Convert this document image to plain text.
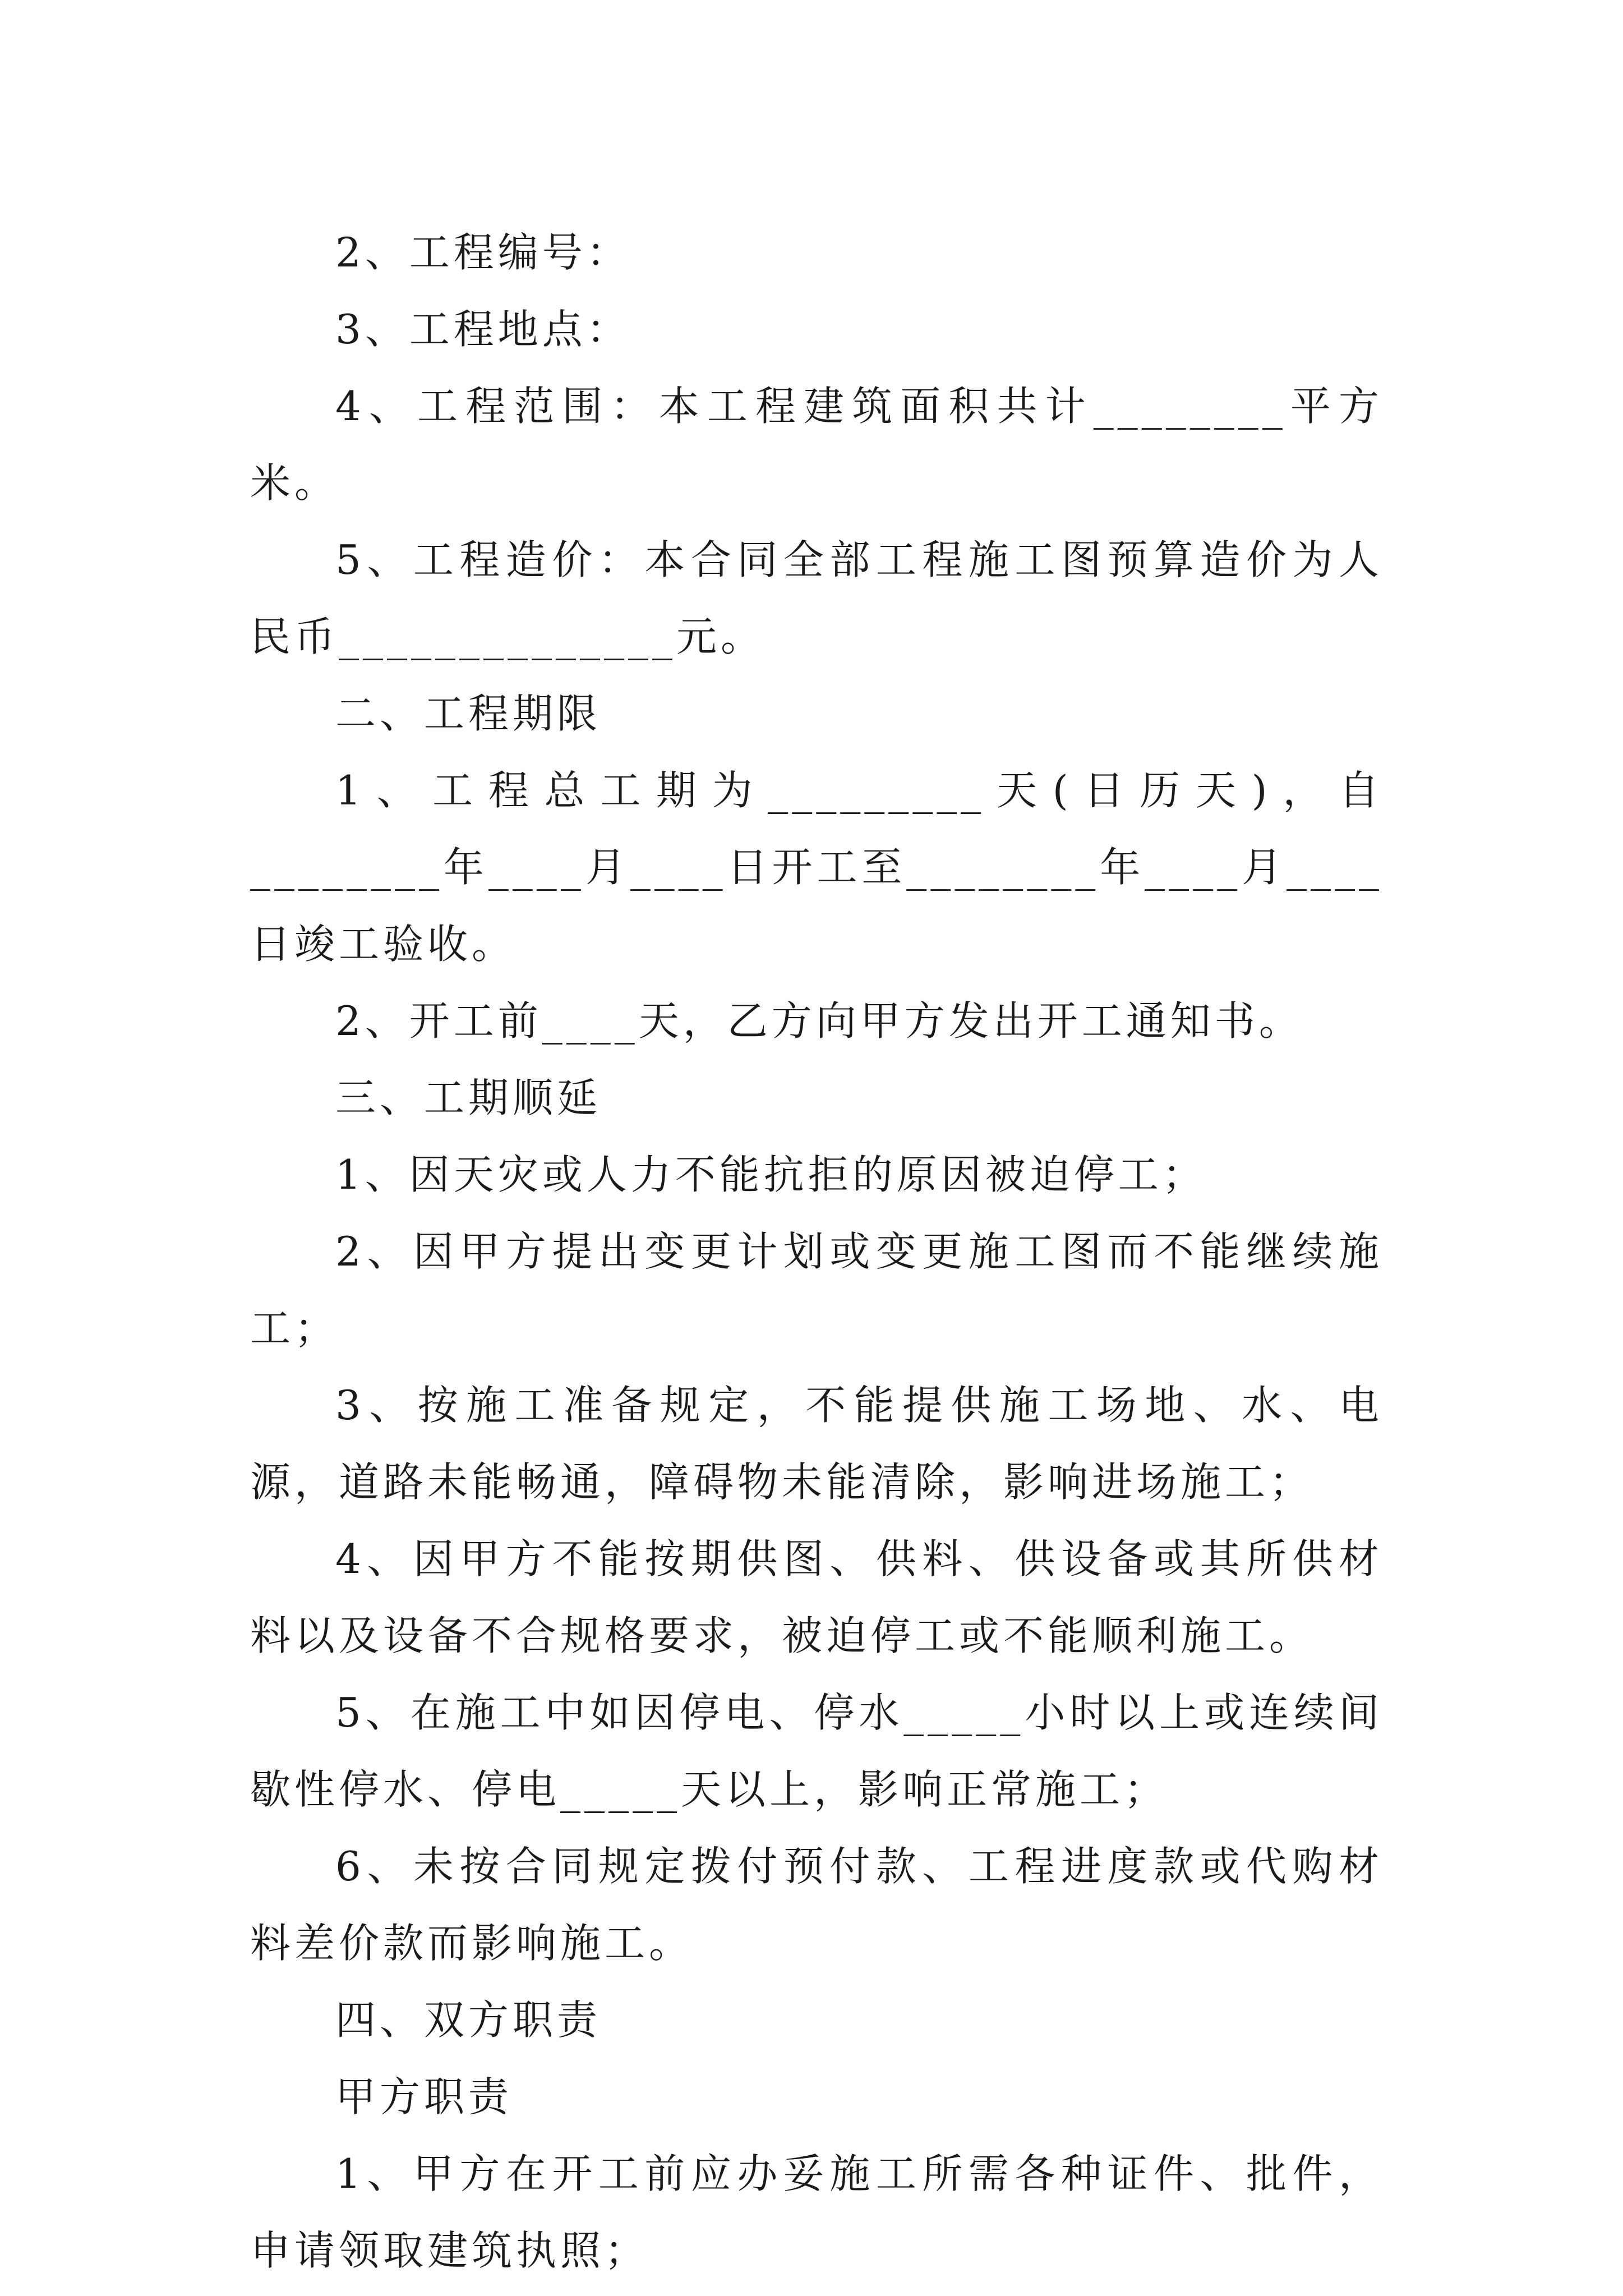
2、工程编号：

3、工程地点：

4、工程范围：本工程建筑面积共计________平方米。

5、工程造价：本合同全部工程施工图预算造价为人民币______________元。

二、工程期限

1、工程总工期为_________天(日历天)，自________年____月____日开工至________年____月____日竣工验收。

2、开工前____天，乙方向甲方发出开工通知书。

三、工期顺延

1、因天灾或人力不能抗拒的原因被迫停工；

2、因甲方提出变更计划或变更施工图而不能继续施工；

3、按施工准备规定，不能提供施工场地、水、电源，道路未能畅通，障碍物未能清除，影响进场施工；

4、因甲方不能按期供图、供料、供设备或其所供材料以及设备不合规格要求，被迫停工或不能顺利施工。

5、在施工中如因停电、停水_____小时以上或连续间歇性停水、停电_____天以上，影响正常施工；

6、未按合同规定拨付预付款、工程进度款或代购材料差价款而影响施工。

四、双方职责

甲方职责

1、甲方在开工前应办妥施工所需各种证件、批件，申请领取建筑执照；
